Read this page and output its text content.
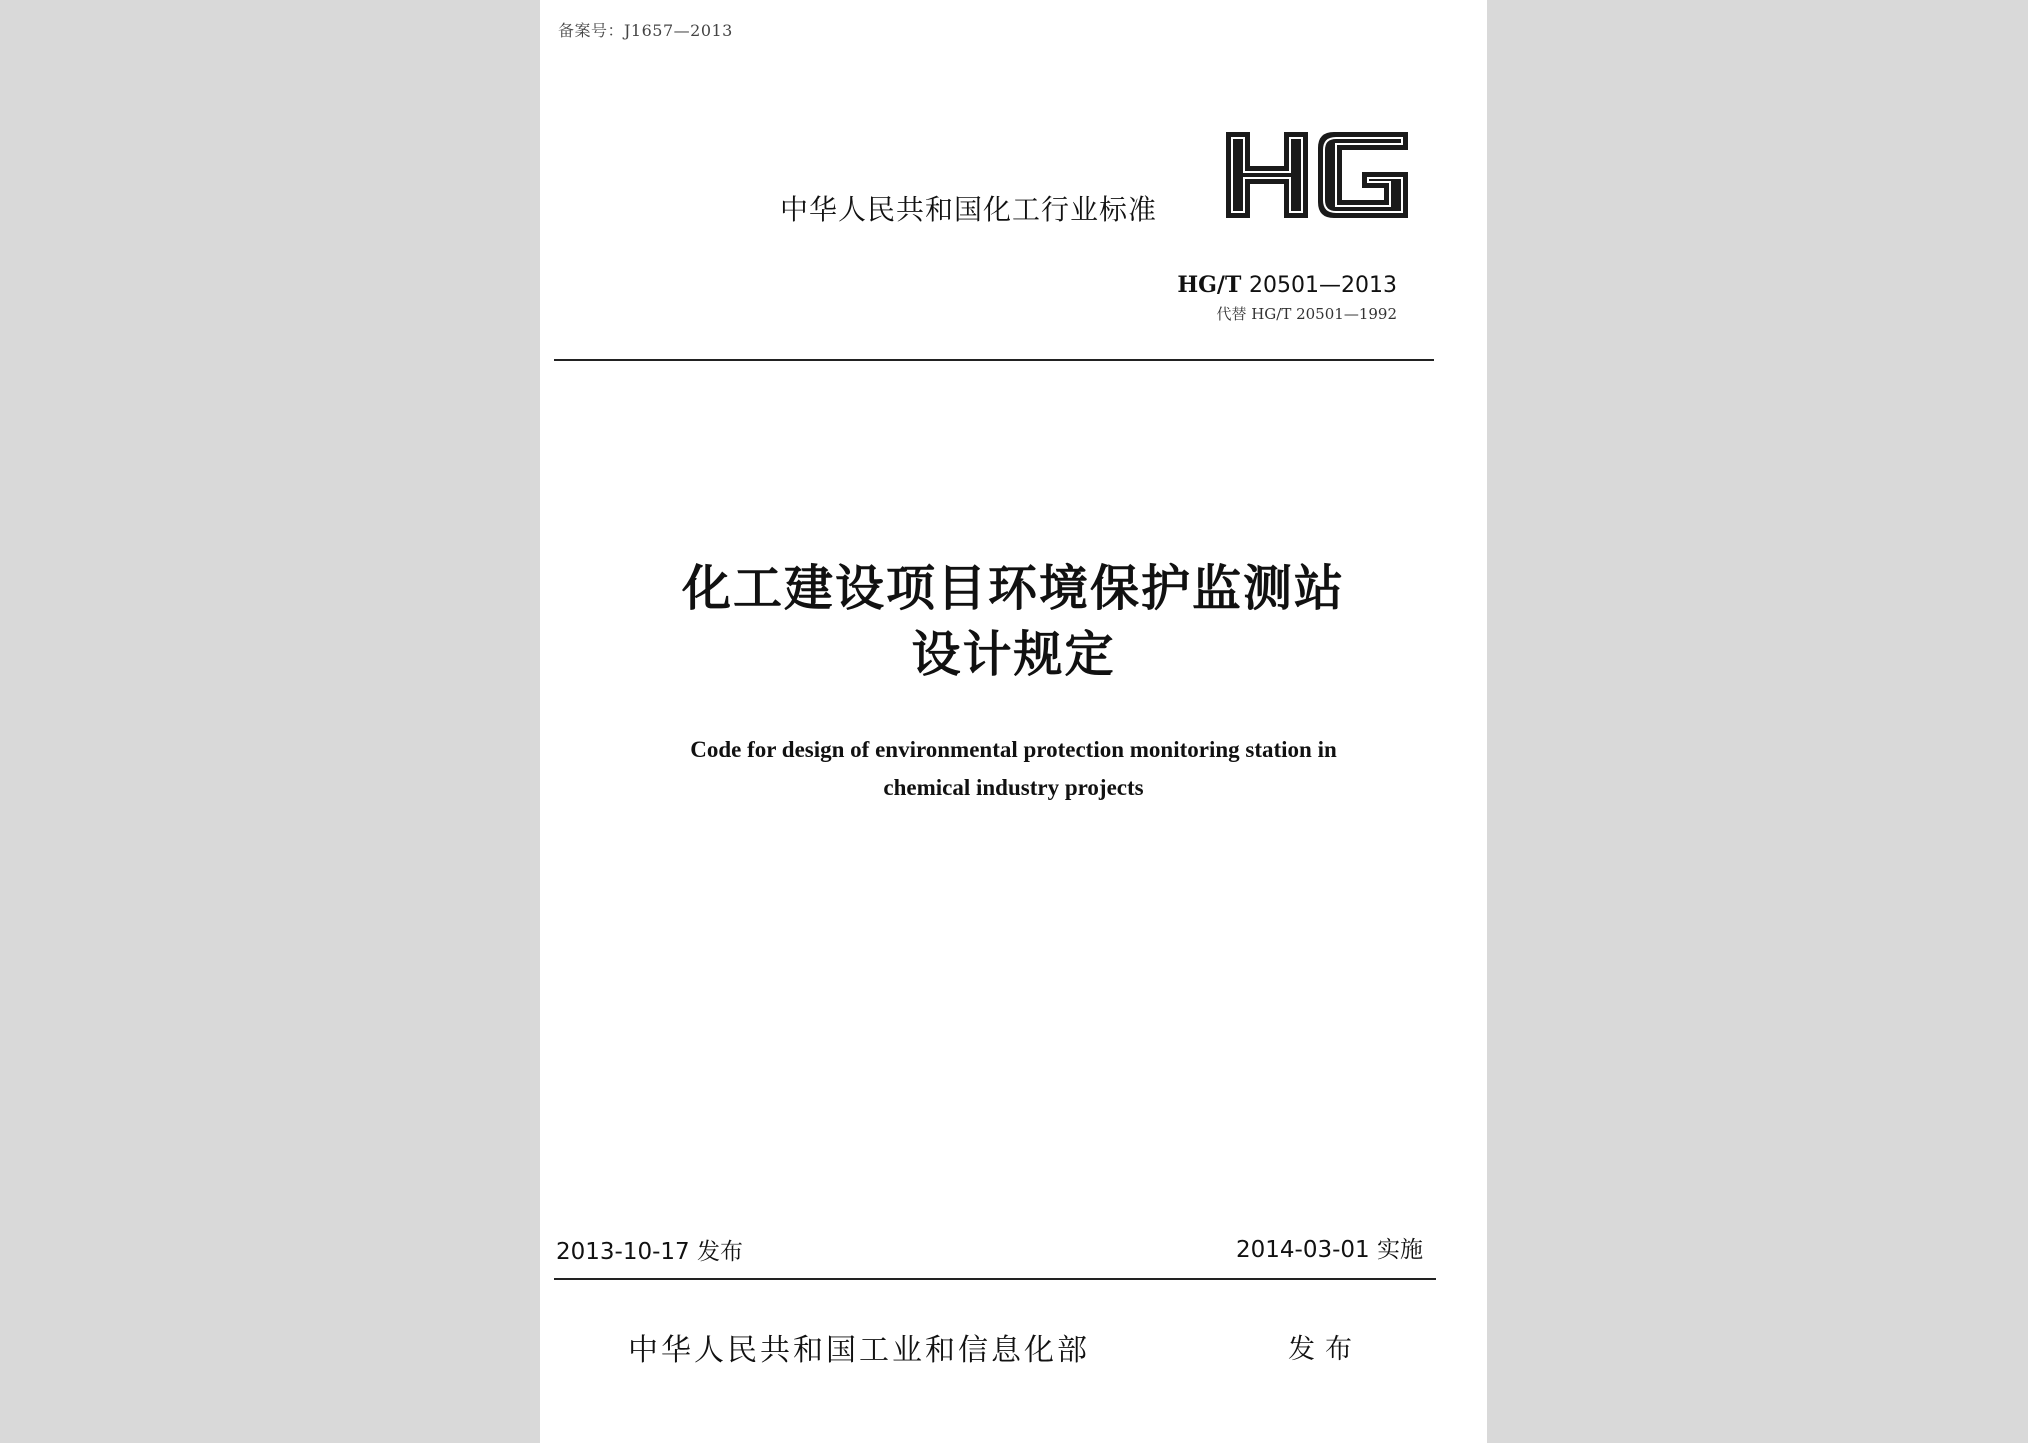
备案号：J1657—2013
中华人民共和国化工行业标准
HG/T 20501—2013
代替 HG/T 20501—1992
化工建设项目环境保护监测站
设计规定
Code for design of environmental protection monitoring station in
chemical industry projects
2013-10-17 发布	2014-03-01 实施
中华人民共和国工业和信息化部	发布
